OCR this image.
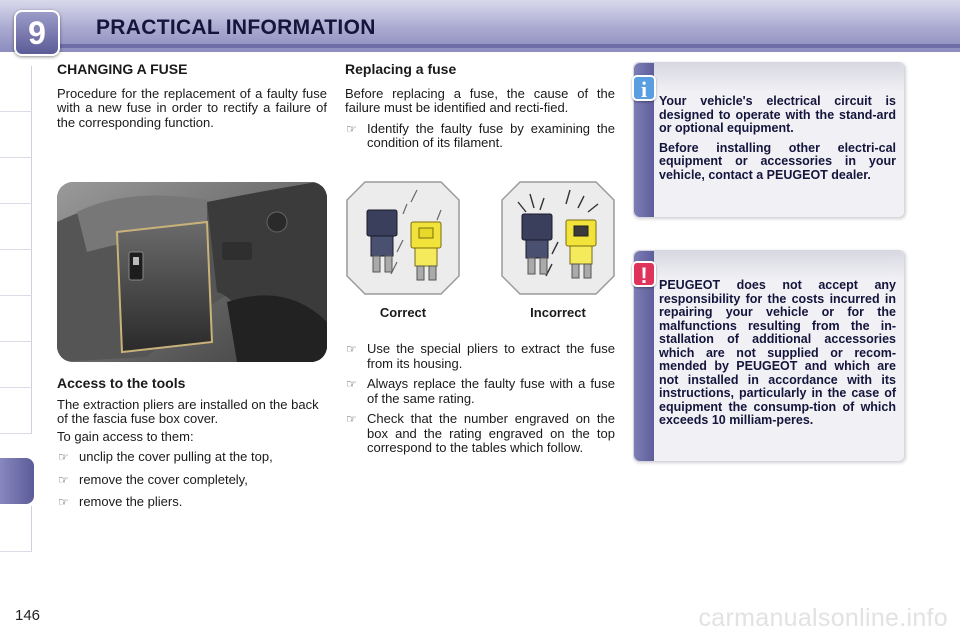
9	PRACTICAL INFORMATION
CHANGING A FUSE

Procedure for the replacement of a faulty fuse with a new fuse in order to rectify a failure of the corresponding function.

Access to the tools

The extraction pliers are installed on the back of the fascia fuse box cover.

To gain access to them:

☞ unclip the cover pulling at the top,
☞ remove the cover completely,
☞ remove the pliers.
Replacing a fuse

Before replacing a fuse, the cause of the failure must be identified and recti-fied.

☞ Identify the faulty fuse by examining the condition of its filament.
Correct	Incorrect
☞ Use the special pliers to extract the fuse from its housing.
☞ Always replace the faulty fuse with a fuse of the same rating.
☞ Check that the number engraved on the box and the rating engraved on the top correspond to the tables which follow.
i Your vehicle's electrical circuit is designed to operate with the stand-ard or optional equipment.

Before installing other electri-cal equipment or accessories in your vehicle, contact a PEUGEOT dealer.

! PEUGEOT does not accept any responsibility for the costs incurred in repairing your vehicle or for the malfunctions resulting from the in-stallation of additional accessories which are not supplied or recom-mended by PEUGEOT and which are not installed in accordance with its instructions, particularly in the case of equipment the consump-tion of which exceeds 10 milliam-peres.

146	carmanualsonline.info
